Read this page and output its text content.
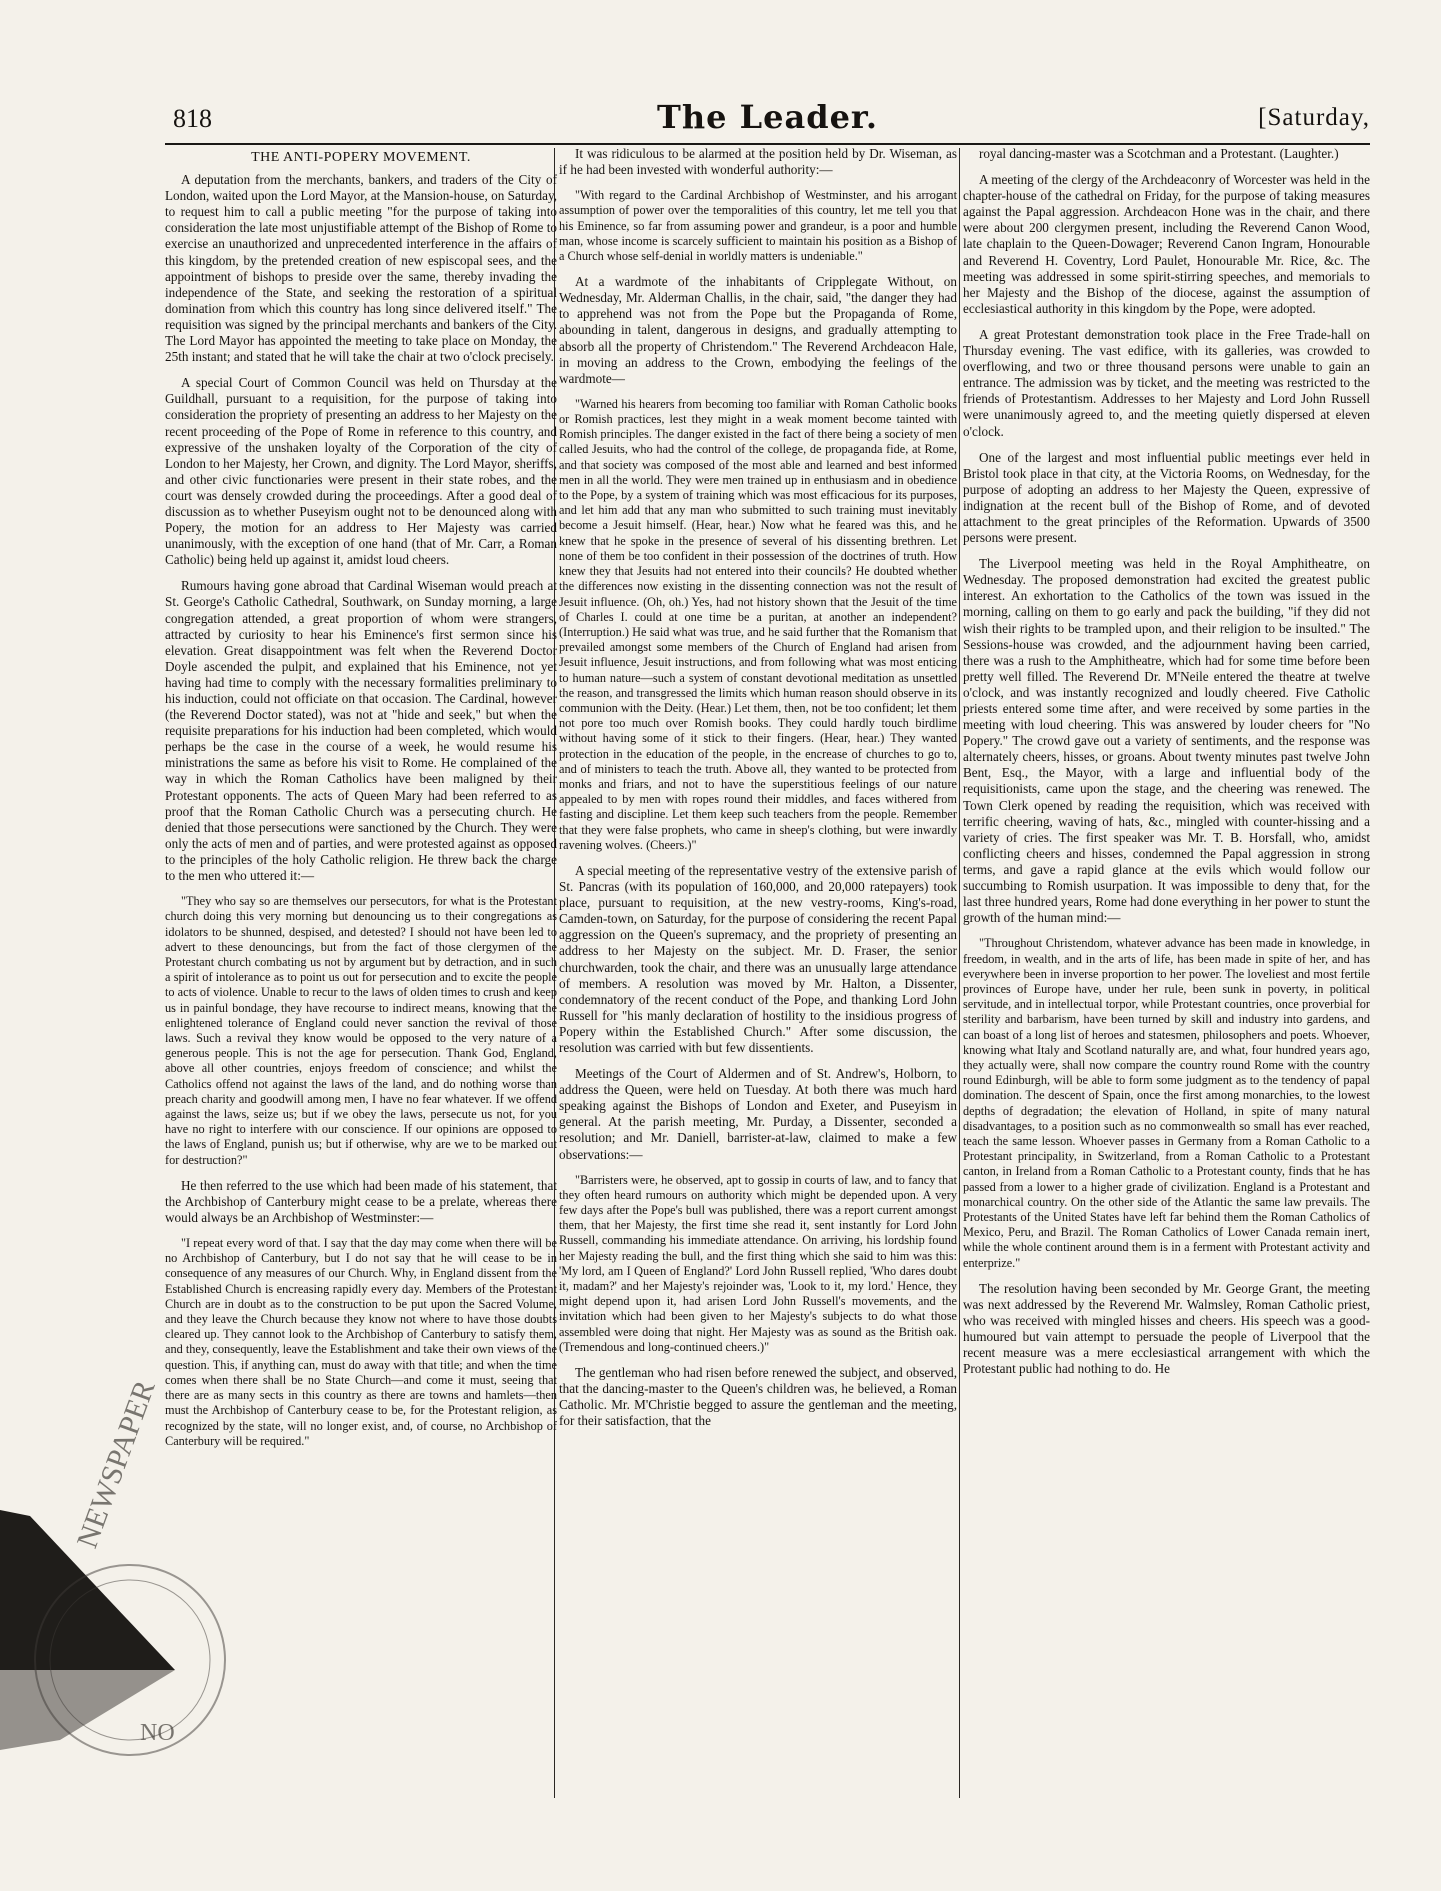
818	The Leader.	[Saturday,
THE ANTI-POPERY MOVEMENT.

A deputation from the merchants, bankers, and traders of the City of London, waited upon the Lord Mayor, at the Mansion-house, on Saturday, to request him to call a public meeting "for the purpose of taking into consideration the late most unjustifiable attempt of the Bishop of Rome to exercise an unauthorized and unprecedented interference in the affairs of this kingdom, by the pretended creation of new espiscopal sees, and the appointment of bishops to preside over the same, thereby invading the independence of the State, and seeking the restoration of a spiritual domination from which this country has long since delivered itself." The requisition was signed by the principal merchants and bankers of the City. The Lord Mayor has appointed the meeting to take place on Monday, the 25th instant; and stated that he will take the chair at two o'clock precisely.

A special Court of Common Council was held on Thursday at the Guildhall, pursuant to a requisition, for the purpose of taking into consideration the propriety of presenting an address to her Majesty on the recent proceeding of the Pope of Rome in reference to this country, and expressive of the unshaken loyalty of the Corporation of the city of London to her Majesty, her Crown, and dignity. The Lord Mayor, sheriffs, and other civic functionaries were present in their state robes, and the court was densely crowded during the proceedings. After a good deal of discussion as to whether Puseyism ought not to be denounced along with Popery, the motion for an address to Her Majesty was carried unanimously, with the exception of one hand (that of Mr. Carr, a Roman Catholic) being held up against it, amidst loud cheers.

Rumours having gone abroad that Cardinal Wiseman would preach at St. George's Catholic Cathedral, Southwark, on Sunday morning, a large congregation attended, a great proportion of whom were strangers, attracted by curiosity to hear his Eminence's first sermon since his elevation. Great disappointment was felt when the Reverend Doctor Doyle ascended the pulpit, and explained that his Eminence, not yet having had time to comply with the necessary formalities preliminary to his induction, could not officiate on that occasion. The Cardinal, however (the Reverend Doctor stated), was not at "hide and seek," but when the requisite preparations for his induction had been completed, which would perhaps be the case in the course of a week, he would resume his ministrations the same as before his visit to Rome. He complained of the way in which the Roman Catholics have been maligned by their Protestant opponents. The acts of Queen Mary had been referred to as proof that the Roman Catholic Church was a persecuting church. He denied that those persecutions were sanctioned by the Church. They were only the acts of men and of parties, and were protested against as opposed to the principles of the holy Catholic religion. He threw back the charge to the men who uttered it:—

"They who say so are themselves our persecutors, for what is the Protestant church doing this very morning but denouncing us to their congregations as idolators to be shunned, despised, and detested? I should not have been led to advert to these denouncings, but from the fact of those clergymen of the Protestant church combating us not by argument but by detraction, and in such a spirit of intolerance as to point us out for persecution and to excite the people to acts of violence. Unable to recur to the laws of olden times to crush and keep us in painful bondage, they have recourse to indirect means, knowing that the enlightened tolerance of England could never sanction the revival of those laws. Such a revival they know would be opposed to the very nature of a generous people. This is not the age for persecution. Thank God, England, above all other countries, enjoys freedom of conscience; and whilst the Catholics offend not against the laws of the land, and do nothing worse than preach charity and goodwill among men, I have no fear whatever. If we offend against the laws, seize us; but if we obey the laws, persecute us not, for you have no right to interfere with our conscience. If our opinions are opposed to the laws of England, punish us; but if otherwise, why are we to be marked out for destruction?"

He then referred to the use which had been made of his statement, that the Archbishop of Canterbury might cease to be a prelate, whereas there would always be an Archbishop of Westminster:—

"I repeat every word of that. I say that the day may come when there will be no Archbishop of Canterbury, but I do not say that he will cease to be in consequence of any measures of our Church. Why, in England dissent from the Established Church is encreasing rapidly every day. Members of the Protestant Church are in doubt as to the construction to be put upon the Sacred Volume, and they leave the Church because they know not where to have those doubts cleared up. They cannot look to the Archbishop of Canterbury to satisfy them, and they, consequently, leave the Establishment and take their own views of the question. This, if anything can, must do away with that title; and when the time comes when there shall be no State Church—and come it must, seeing that there are as many sects in this country as there are towns and hamlets—then must the Archbishop of Canterbury cease to be, for the Protestant religion, as recognized by the state, will no longer exist, and, of course, no Archbishop of Canterbury will be required."

It was ridiculous to be alarmed at the position held by Dr. Wiseman, as if he had been invested with wonderful authority:—

"With regard to the Cardinal Archbishop of Westminster, and his arrogant assumption of power over the temporalities of this country, let me tell you that his Eminence, so far from assuming power and grandeur, is a poor and humble man, whose income is scarcely sufficient to maintain his position as a Bishop of a Church whose self-denial in worldly matters is undeniable."

At a wardmote of the inhabitants of Cripplegate Without, on Wednesday, Mr. Alderman Challis, in the chair, said, "the danger they had to apprehend was not from the Pope but the Propaganda of Rome, abounding in talent, dangerous in designs, and gradually attempting to absorb all the property of Christendom." The Reverend Archdeacon Hale, in moving an address to the Crown, embodying the feelings of the wardmote—

"Warned his hearers from becoming too familiar with Roman Catholic books or Romish practices, lest they might in a weak moment become tainted with Romish principles. The danger existed in the fact of there being a society of men called Jesuits, who had the control of the college, de propaganda fide, at Rome, and that society was composed of the most able and learned and best informed men in all the world. They were men trained up in enthusiasm and in obedience to the Pope, by a system of training which was most efficacious for its purposes, and let him add that any man who submitted to such training must inevitably become a Jesuit himself. (Hear, hear.) Now what he feared was this, and he knew that he spoke in the presence of several of his dissenting brethren. Let none of them be too confident in their possession of the doctrines of truth. How knew they that Jesuits had not entered into their councils? He doubted whether the differences now existing in the dissenting connection was not the result of Jesuit influence. (Oh, oh.) Yes, had not history shown that the Jesuit of the time of Charles I. could at one time be a puritan, at another an independent? (Interruption.) He said what was true, and he said further that the Romanism that prevailed amongst some members of the Church of England had arisen from Jesuit influence, Jesuit instructions, and from following what was most enticing to human nature—such a system of constant devotional meditation as unsettled the reason, and transgressed the limits which human reason should observe in its communion with the Deity. (Hear.) Let them, then, not be too confident; let them not pore too much over Romish books. They could hardly touch birdlime without having some of it stick to their fingers. (Hear, hear.) They wanted protection in the education of the people, in the encrease of churches to go to, and of ministers to teach the truth. Above all, they wanted to be protected from monks and friars, and not to have the superstitious feelings of our nature appealed to by men with ropes round their middles, and faces withered from fasting and discipline. Let them keep such teachers from the people. Remember that they were false prophets, who came in sheep's clothing, but were inwardly ravening wolves. (Cheers.)"

A special meeting of the representative vestry of the extensive parish of St. Pancras (with its population of 160,000, and 20,000 ratepayers) took place, pursuant to requisition, at the new vestry-rooms, King's-road, Camden-town, on Saturday, for the purpose of considering the recent Papal aggression on the Queen's supremacy, and the propriety of presenting an address to her Majesty on the subject. Mr. D. Fraser, the senior churchwarden, took the chair, and there was an unusually large attendance of members. A resolution was moved by Mr. Halton, a Dissenter, condemnatory of the recent conduct of the Pope, and thanking Lord John Russell for "his manly declaration of hostility to the insidious progress of Popery within the Established Church." After some discussion, the resolution was carried with but few dissentients.

Meetings of the Court of Aldermen and of St. Andrew's, Holborn, to address the Queen, were held on Tuesday. At both there was much hard speaking against the Bishops of London and Exeter, and Puseyism in general. At the parish meeting, Mr. Purday, a Dissenter, seconded a resolution; and Mr. Daniell, barrister-at-law, claimed to make a few observations:—

"Barristers were, he observed, apt to gossip in courts of law, and to fancy that they often heard rumours on authority which might be depended upon. A very few days after the Pope's bull was published, there was a report current amongst them, that her Majesty, the first time she read it, sent instantly for Lord John Russell, commanding his immediate attendance. On arriving, his lordship found her Majesty reading the bull, and the first thing which she said to him was this: 'My lord, am I Queen of England?' Lord John Russell replied, 'Who dares doubt it, madam?' and her Majesty's rejoinder was, 'Look to it, my lord.' Hence, they might depend upon it, had arisen Lord John Russell's movements, and the invitation which had been given to her Majesty's subjects to do what those assembled were doing that night. Her Majesty was as sound as the British oak. (Tremendous and long-continued cheers.)"

The gentleman who had risen before renewed the subject, and observed, that the dancing-master to the Queen's children was, he believed, a Roman Catholic. Mr. M'Christie begged to assure the gentleman and the meeting, for their satisfaction, that the

royal dancing-master was a Scotchman and a Protestant. (Laughter.)

A meeting of the clergy of the Archdeaconry of Worcester was held in the chapter-house of the cathedral on Friday, for the purpose of taking measures against the Papal aggression. Archdeacon Hone was in the chair, and there were about 200 clergymen present, including the Reverend Canon Wood, late chaplain to the Queen-Dowager; Reverend Canon Ingram, Honourable and Reverend H. Coventry, Lord Paulet, Honourable Mr. Rice, &c. The meeting was addressed in some spirit-stirring speeches, and memorials to her Majesty and the Bishop of the diocese, against the assumption of ecclesiastical authority in this kingdom by the Pope, were adopted.

A great Protestant demonstration took place in the Free Trade-hall on Thursday evening. The vast edifice, with its galleries, was crowded to overflowing, and two or three thousand persons were unable to gain an entrance. The admission was by ticket, and the meeting was restricted to the friends of Protestantism. Addresses to her Majesty and Lord John Russell were unanimously agreed to, and the meeting quietly dispersed at eleven o'clock.

One of the largest and most influential public meetings ever held in Bristol took place in that city, at the Victoria Rooms, on Wednesday, for the purpose of adopting an address to her Majesty the Queen, expressive of indignation at the recent bull of the Bishop of Rome, and of devoted attachment to the great principles of the Reformation. Upwards of 3500 persons were present.

The Liverpool meeting was held in the Royal Amphitheatre, on Wednesday. The proposed demonstration had excited the greatest public interest. An exhortation to the Catholics of the town was issued in the morning, calling on them to go early and pack the building, "if they did not wish their rights to be trampled upon, and their religion to be insulted." The Sessions-house was crowded, and the adjournment having been carried, there was a rush to the Amphitheatre, which had for some time before been pretty well filled. The Reverend Dr. M'Neile entered the theatre at twelve o'clock, and was instantly recognized and loudly cheered. Five Catholic priests entered some time after, and were received by some parties in the meeting with loud cheering. This was answered by louder cheers for "No Popery." The crowd gave out a variety of sentiments, and the response was alternately cheers, hisses, or groans. About twenty minutes past twelve John Bent, Esq., the Mayor, with a large and influential body of the requisitionists, came upon the stage, and the cheering was renewed. The Town Clerk opened by reading the requisition, which was received with terrific cheering, waving of hats, &c., mingled with counter-hissing and a variety of cries. The first speaker was Mr. T. B. Horsfall, who, amidst conflicting cheers and hisses, condemned the Papal aggression in strong terms, and gave a rapid glance at the evils which would follow our succumbing to Romish usurpation. It was impossible to deny that, for the last three hundred years, Rome had done everything in her power to stunt the growth of the human mind:—

"Throughout Christendom, whatever advance has been made in knowledge, in freedom, in wealth, and in the arts of life, has been made in spite of her, and has everywhere been in inverse proportion to her power. The loveliest and most fertile provinces of Europe have, under her rule, been sunk in poverty, in political servitude, and in intellectual torpor, while Protestant countries, once proverbial for sterility and barbarism, have been turned by skill and industry into gardens, and can boast of a long list of heroes and statesmen, philosophers and poets. Whoever, knowing what Italy and Scotland naturally are, and what, four hundred years ago, they actually were, shall now compare the country round Rome with the country round Edinburgh, will be able to form some judgment as to the tendency of papal domination. The descent of Spain, once the first among monarchies, to the lowest depths of degradation; the elevation of Holland, in spite of many natural disadvantages, to a position such as no commonwealth so small has ever reached, teach the same lesson. Whoever passes in Germany from a Roman Catholic to a Protestant principality, in Switzerland, from a Roman Catholic to a Protestant canton, in Ireland from a Roman Catholic to a Protestant county, finds that he has passed from a lower to a higher grade of civilization. England is a Protestant and monarchical country. On the other side of the Atlantic the same law prevails. The Protestants of the United States have left far behind them the Roman Catholics of Mexico, Peru, and Brazil. The Roman Catholics of Lower Canada remain inert, while the whole continent around them is in a ferment with Protestant activity and enterprize."

The resolution having been seconded by Mr. George Grant, the meeting was next addressed by the Reverend Mr. Walmsley, Roman Catholic priest, who was received with mingled hisses and cheers. His speech was a good-humoured but vain attempt to persuade the people of Liverpool that the recent measure was a mere ecclesiastical arrangement with which the Protestant public had nothing to do. He

NEWSPAPER
NO
